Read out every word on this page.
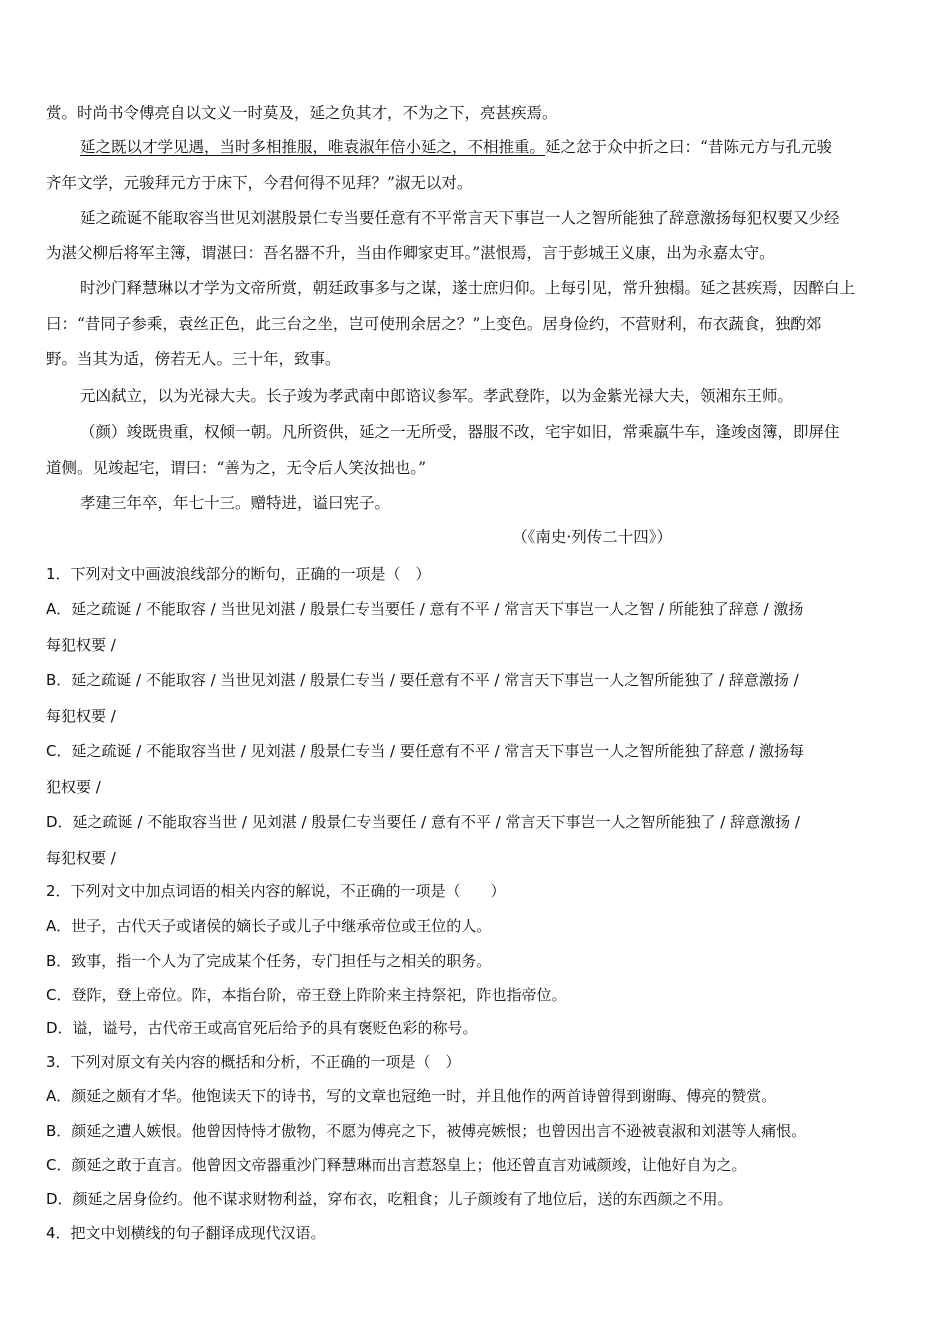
赏。时尚书令傅亮自以文义一时莫及，延之负其才，不为之下，亮甚疾焉。
延之既以才学见遇，当时多相推服，唯袁淑年倍小延之，不相推重。延之忿于众中折之曰：“昔陈元方与孔元骏
齐年文学，元骏拜元方于床下，今君何得不见拜？”淑无以对。
延之疏诞不能取容当世见刘湛殷景仁专当要任意有不平常言天下事岂一人之智所能独了辞意激扬每犯权要又少经
为湛父柳后将军主簿，谓湛曰：吾名器不升，当由作卿家吏耳。”湛恨焉，言于彭城王义康，出为永嘉太守。
时沙门释慧琳以才学为文帝所赏，朝廷政事多与之谋，遂士庶归仰。上每引见，常升独榻。延之甚疾焉，因醉白上
曰：“昔同子参乘，袁丝正色，此三台之坐，岂可使刑余居之？”上变色。居身俭约，不营财利，布衣蔬食，独酌郊
野。当其为适，傍若无人。三十年，致事。
元凶弑立，以为光禄大夫。长子竣为孝武南中郎谘议参军。孝武登阼，以为金紫光禄大夫，领湘东王师。
（颜）竣既贵重，权倾一朝。凡所资供，延之一无所受，器服不改，宅宇如旧，常乘羸牛车，逢竣卤簿，即屏住
道侧。见竣起宅，谓曰：“善为之，无令后人笑汝拙也。”
孝建三年卒，年七十三。赠特进，谥曰宪子。
（《南史·列传二十四》）
1．下列对文中画波浪线部分的断句，正确的一项是（　）
A．延之疏诞 / 不能取容 / 当世见刘湛 / 殷景仁专当要任 / 意有不平 / 常言天下事岂一人之智 / 所能独了辞意 / 激扬
每犯权要 /
B．延之疏诞 / 不能取容 / 当世见刘湛 / 殷景仁专当 / 要任意有不平 / 常言天下事岂一人之智所能独了 / 辞意激扬 /
每犯权要 /
C．延之疏诞 / 不能取容当世 / 见刘湛 / 殷景仁专当 / 要任意有不平 / 常言天下事岂一人之智所能独了辞意 / 激扬每
犯权要 /
D．延之疏诞 / 不能取容当世 / 见刘湛 / 殷景仁专当要任 / 意有不平 / 常言天下事岂一人之智所能独了 / 辞意激扬 /
每犯权要 /
2．下列对文中加点词语的相关内容的解说，不正确的一项是（　　）
A．世子，古代天子或诸侯的嫡长子或儿子中继承帝位或王位的人。
B．致事，指一个人为了完成某个任务，专门担任与之相关的职务。
C．登阼，登上帝位。阼，本指台阶，帝王登上阼阶来主持祭祀，阼也指帝位。
D．谥，谥号，古代帝王或高官死后给予的具有褒贬色彩的称号。
3．下列对原文有关内容的概括和分析，不正确的一项是（　）
A．颜延之颇有才华。他饱读天下的诗书，写的文章也冠绝一时，并且他作的两首诗曾得到谢晦、傅亮的赞赏。
B．颜延之遭人嫉恨。他曾因恃恃才傲物，不愿为傅亮之下，被傅亮嫉恨；也曾因出言不逊被袁淑和刘湛等人痛恨。
C．颜延之敢于直言。他曾因文帝器重沙门释慧琳而出言惹怒皇上；他还曾直言劝诫颜竣，让他好自为之。
D．颜延之居身俭约。他不谋求财物利益，穿布衣，吃粗食；儿子颜竣有了地位后，送的东西颜之不用。
4．把文中划横线的句子翻译成现代汉语。
